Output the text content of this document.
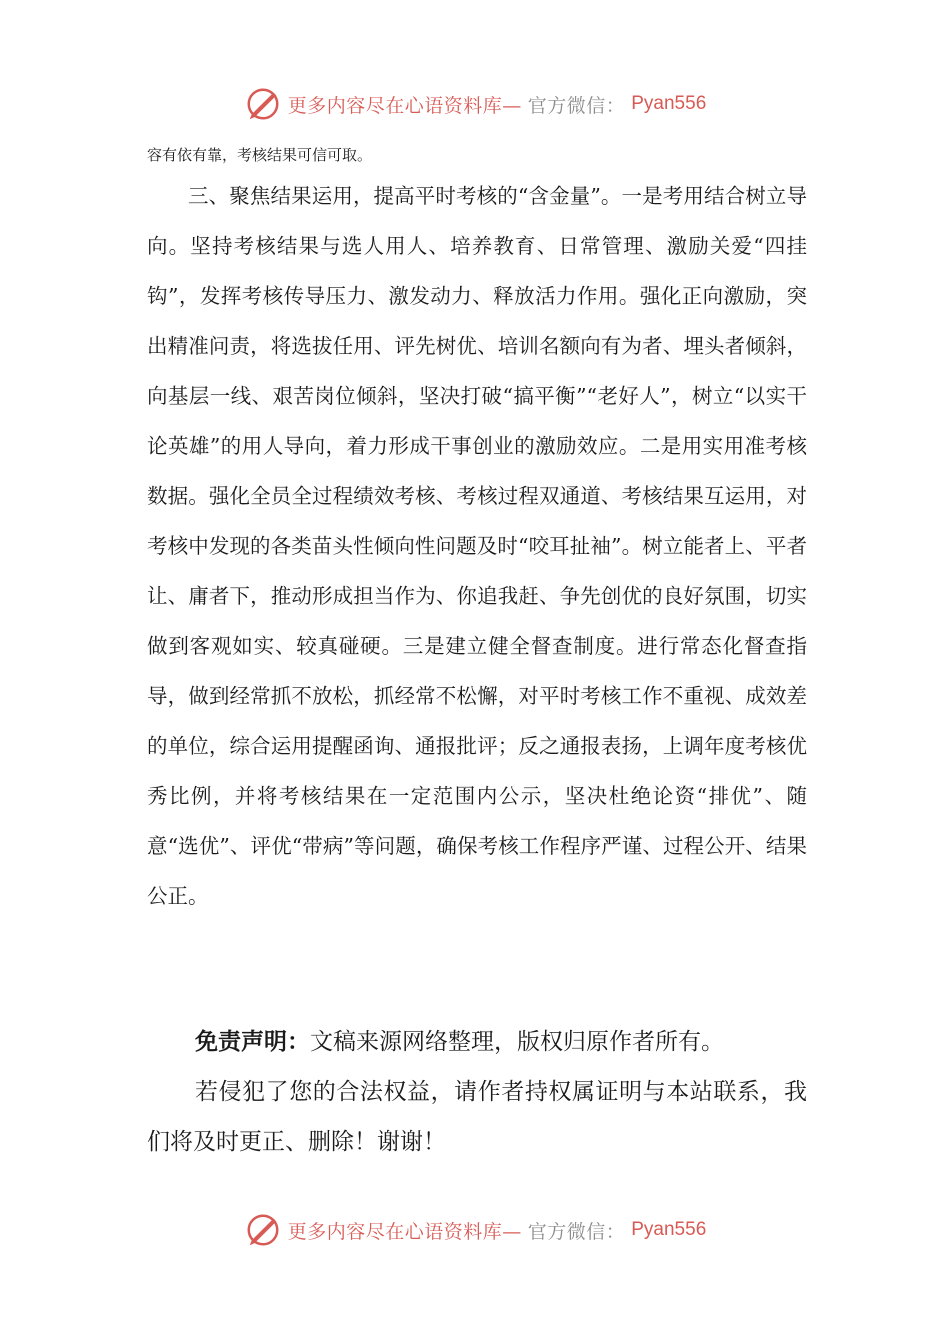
更多内容尽在心语资料库— 官方微信： Pyan556
容有依有靠，考核结果可信可取。

三、聚焦结果运用，提高平时考核的“含金量”。一是考用结合树立导向。坚持考核结果与选人用人、培养教育、日常管理、激励关爱“四挂钩”，发挥考核传导压力、激发动力、释放活力作用。强化正向激励，突出精准问责，将选拔任用、评先树优、培训名额向有为者、埋头者倾斜，向基层一线、艰苦岗位倾斜，坚决打破“搞平衡”“老好人”，树立“以实干论英雄”的用人导向，着力形成干事创业的激励效应。二是用实用准考核数据。强化全员全过程绩效考核、考核过程双通道、考核结果互运用，对考核中发现的各类苗头性倾向性问题及时“咬耳扯袖”。树立能者上、平者让、庸者下，推动形成担当作为、你追我赶、争先创优的良好氛围，切实做到客观如实、较真碰硬。三是建立健全督查制度。进行常态化督查指导，做到经常抓不放松，抓经常不松懈，对平时考核工作不重视、成效差的单位，综合运用提醒函询、通报批评；反之通报表扬，上调年度考核优秀比例，并将考核结果在一定范围内公示，坚决杜绝论资“排优”、随意“选优”、评优“带病”等问题，确保考核工作程序严谨、过程公开、结果公正。

免责声明：文稿来源网络整理，版权归原作者所有。
若侵犯了您的合法权益，请作者持权属证明与本站联系，我们将及时更正、删除！谢谢！

更多内容尽在心语资料库— 官方微信： Pyan556
